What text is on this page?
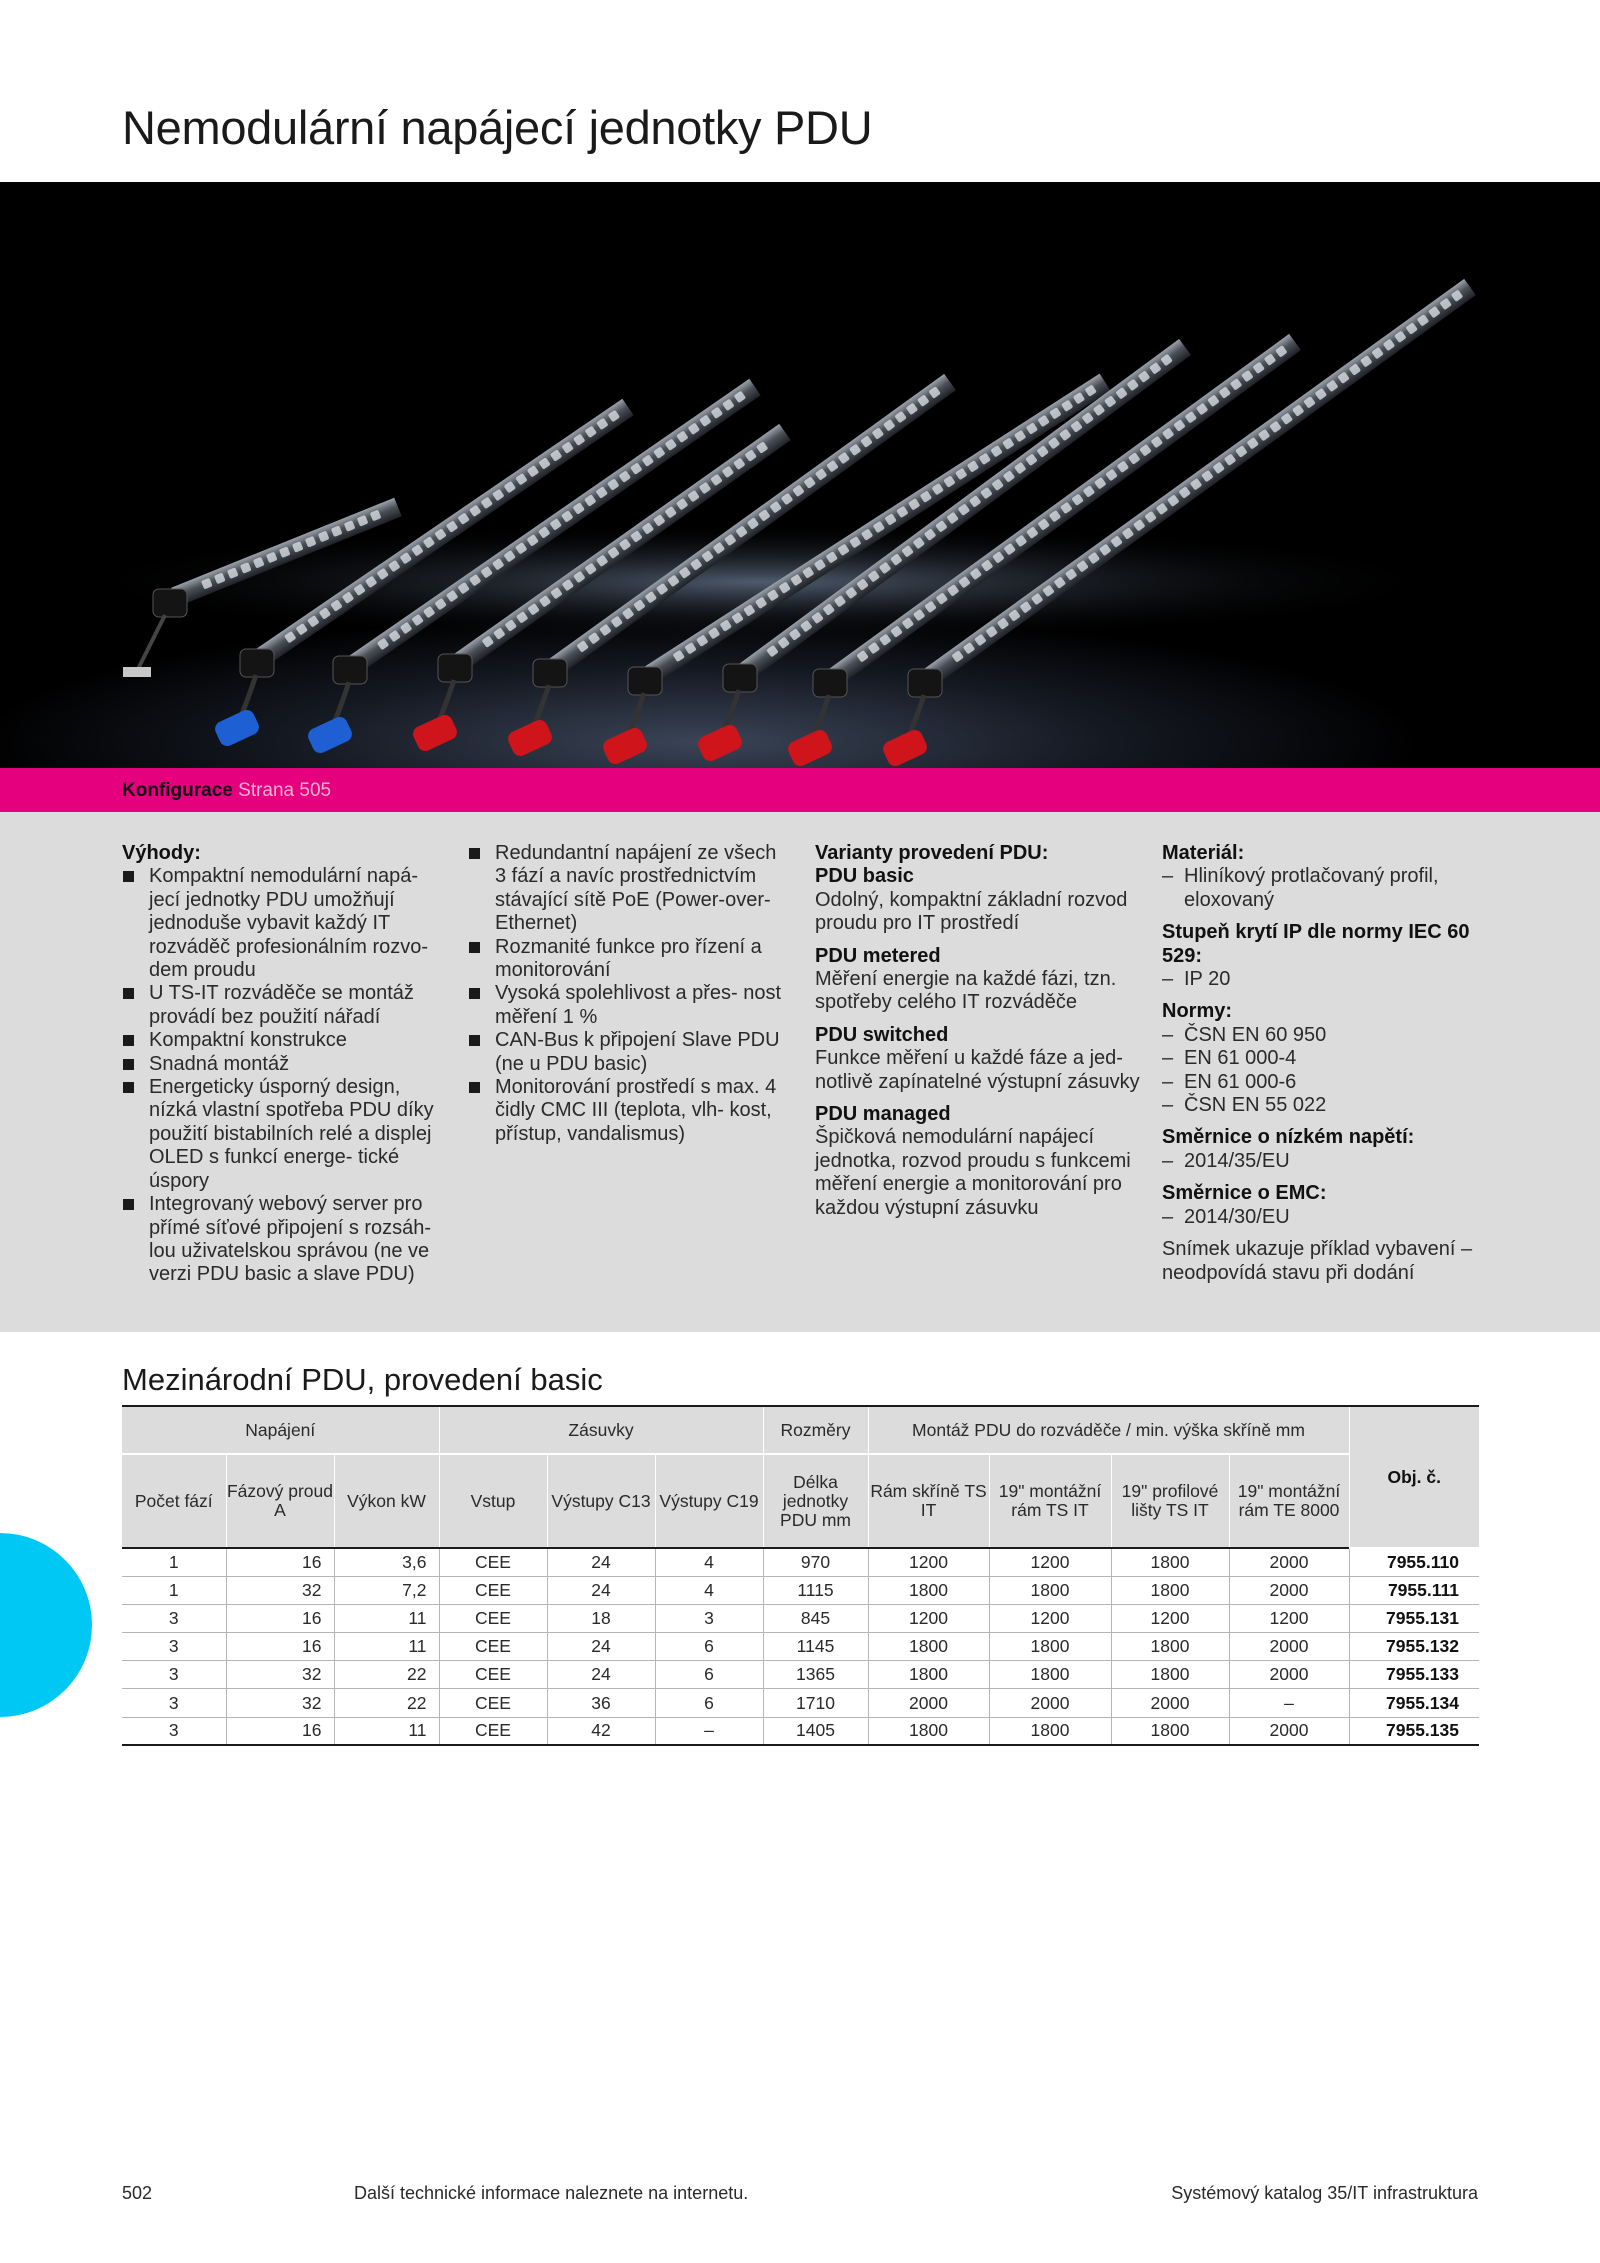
Nemodulární napájecí jednotky PDU
Konfigurace Strana 505
Výhody:
Kompaktní nemodulární napá- jecí jednotky PDU umožňují jednoduše vybavit každý IT rozváděč profesionálním rozvo- dem proudu
U TS-IT rozváděče se montáž provádí bez použití nářadí
Kompaktní konstrukce
Snadná montáž
Energeticky úsporný design, nízká vlastní spotřeba PDU díky použití bistabilních relé a displej OLED s funkcí energe- tické úspory
Integrovaný webový server pro přímé síťové připojení s rozsáh- lou uživatelskou správou (ne ve verzi PDU basic a slave PDU)
Redundantní napájení ze všech 3 fází a navíc prostřednictvím stávající sítě PoE (Power-over- Ethernet)
Rozmanité funkce pro řízení a monitorování
Vysoká spolehlivost a přes- nost měření 1 %
CAN-Bus k připojení Slave PDU (ne u PDU basic)
Monitorování prostředí s max. 4 čidly CMC III (teplota, vlh- kost, přístup, vandalismus)
Varianty provedení PDU:

PDU basic
Odolný, kompaktní základní rozvod proudu pro IT prostředí

PDU metered
Měření energie na každé fázi, tzn. spotřeby celého IT rozváděče

PDU switched
Funkce měření u každé fáze a jed- notlivě zapínatelné výstupní zásuvky

PDU managed
Špičková nemodulární napájecí jednotka, rozvod proudu s funkcemi měření energie a monitorování pro každou výstupní zásuvku

Materiál:
– Hliníkový protlačovaný profil, eloxovaný
Stupeň krytí IP dle normy IEC 60 529:
– IP 20
Normy:
– ČSN EN 60 950
– EN 61 000-4
– EN 61 000-6
– ČSN EN 55 022
Směrnice o nízkém napětí:
– 2014/35/EU
Směrnice o EMC:
– 2014/30/EU
Snímek ukazuje příklad vybavení – neodpovídá stavu při dodání
Mezinárodní PDU, provedení basic
Napájení			Zásuvky			Rozměry	Montáž PDU do rozváděče / min. výška skříně mm				Obj. č.
Počet fází	Fázový proud A	Výkon kW	Vstup	Výstupy C13	Výstupy C19	Délka jednotky PDU mm	Rám skříně TS IT	19" montážní rám TS IT	19" profilové lišty TS IT	19" montážní rám TE 8000	
1	16	3,6	CEE	24	4	970	1200	1200	1800	2000	7955.110
1	32	7,2	CEE	24	4	1115	1800	1800	1800	2000	7955.111
3	16	11	CEE	18	3	845	1200	1200	1200	1200	7955.131
3	16	11	CEE	24	6	1145	1800	1800	1800	2000	7955.132
3	32	22	CEE	24	6	1365	1800	1800	1800	2000	7955.133
3	32	22	CEE	36	6	1710	2000	2000	2000	–	7955.134
3	16	11	CEE	42	–	1405	1800	1800	1800	2000	7955.135
502	Další technické informace naleznete na internetu.	Systémový katalog 35/IT infrastruktura
